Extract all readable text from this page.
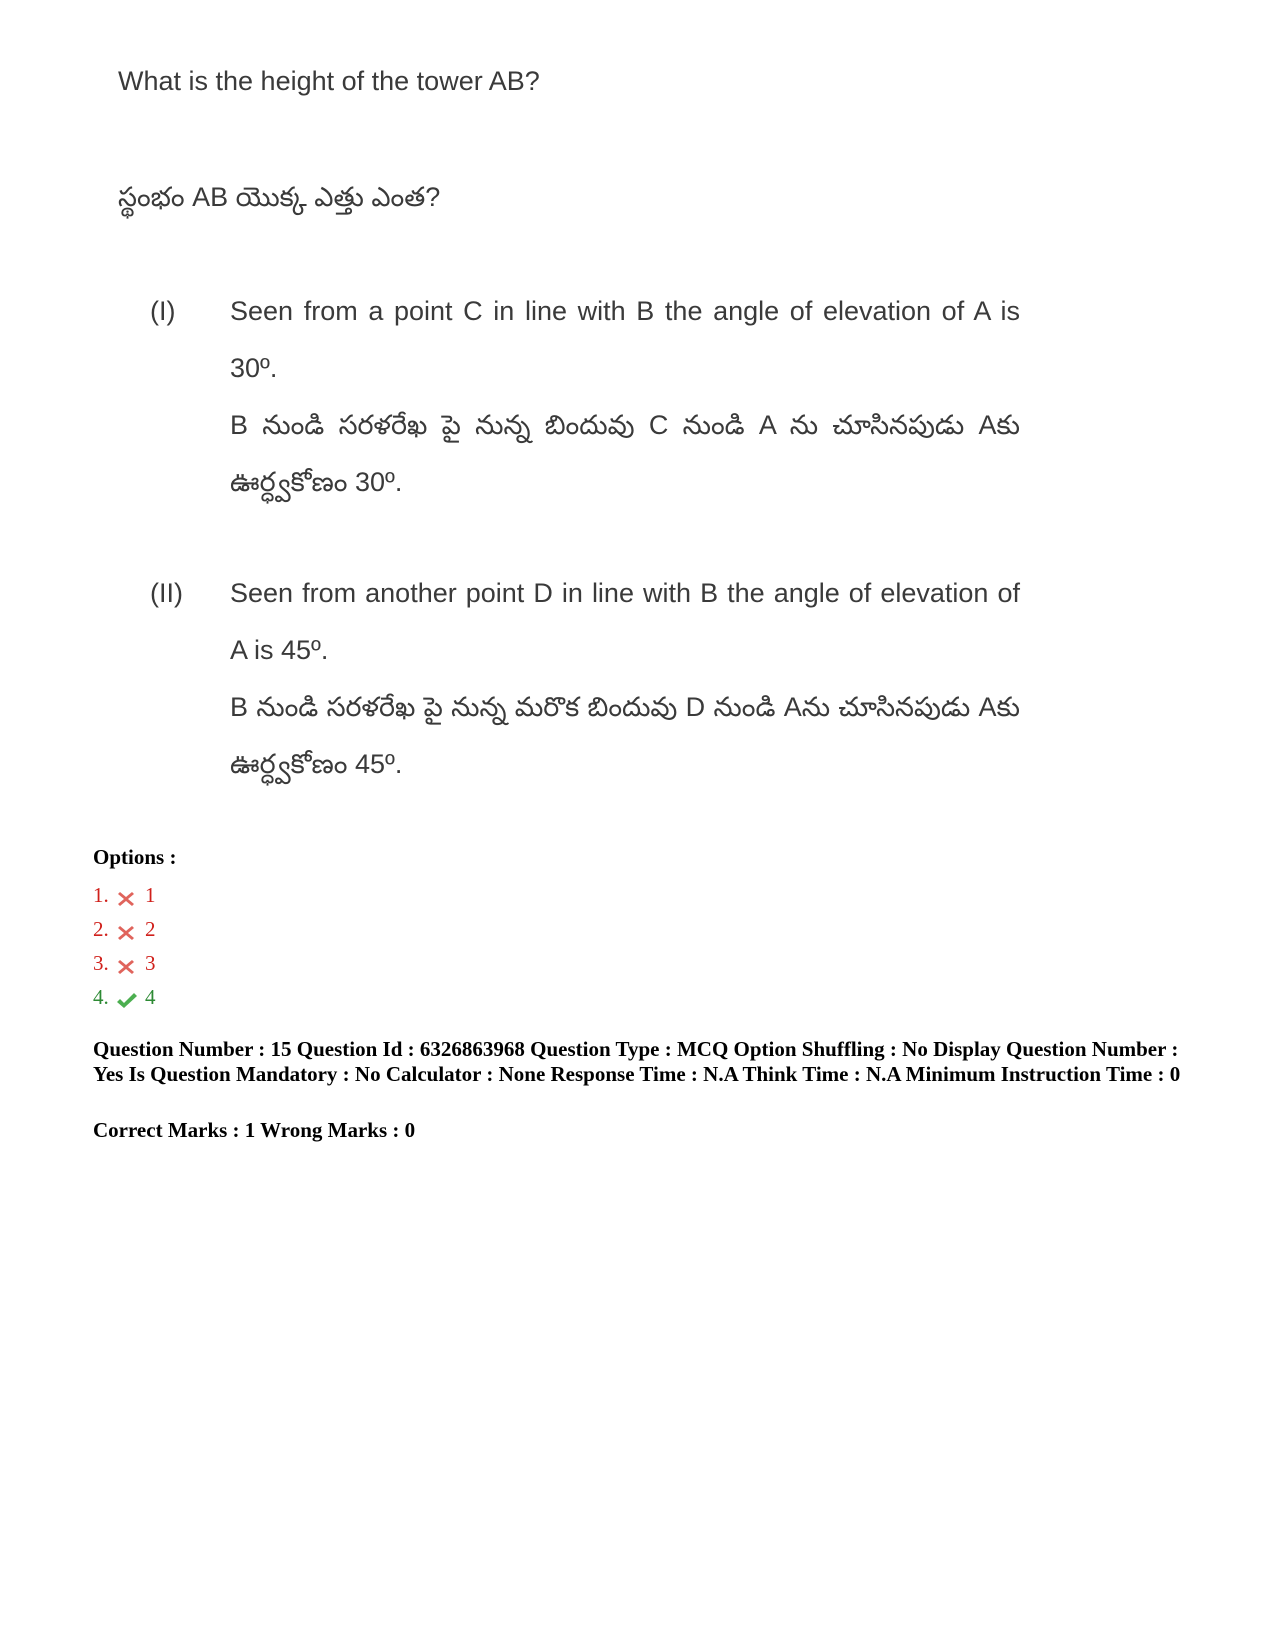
What is the height of the tower AB?
స్థంభం AB యొక్క ఎత్తు ఎంత?
(I) Seen from a point C in line with B the angle of elevation of A is 30º.

B నుండి సరళరేఖ పై నున్న బిందువు C నుండి A ను చూసినపుడు Aకు ఊర్ధ్వకోణం 30º.

(II) Seen from another point D in line with B the angle of elevation of A is 45º.

B నుండి సరళరేఖ పై నున్న మరొక బిందువు D నుండి Aను చూసినపుడు Aకు ఊర్ధ్వకోణం 45º.

Options :
1.	1
2.	2
3.	3
4.	4
Question Number : 15 Question Id : 6326863968 Question Type : MCQ Option Shuffling : No Display Question Number : Yes Is Question Mandatory : No Calculator : None Response Time : N.A Think Time : N.A Minimum Instruction Time : 0
Correct Marks : 1 Wrong Marks : 0
